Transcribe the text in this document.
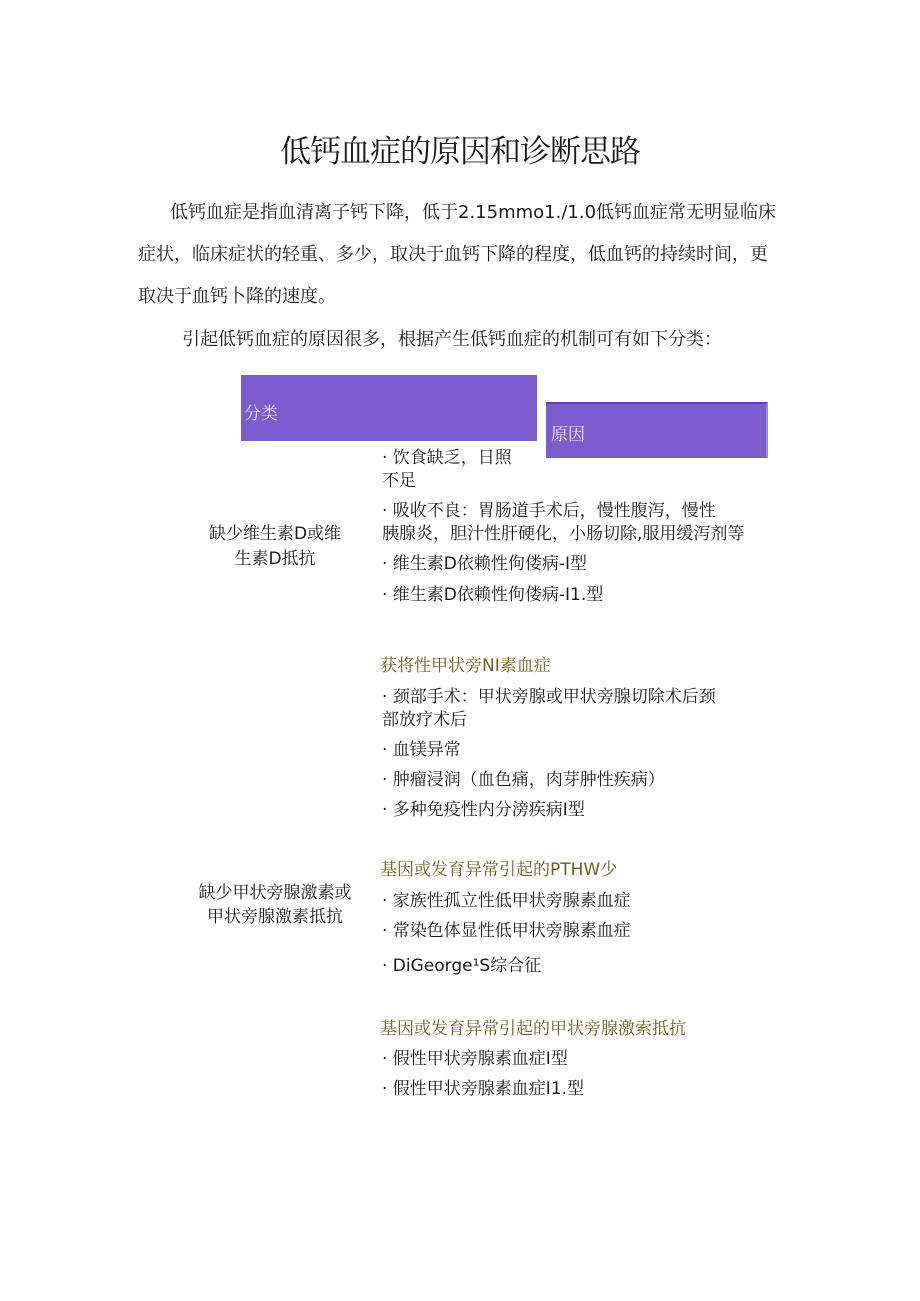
低钙血症的原因和诊断思路
低钙血症是指血清离子钙下降，低于2.15mmo1./1.0低钙血症常无明显临床
症状，临床症状的轻重、多少，取决于血钙下降的程度，低血钙的持续时间，更
取决于血钙卜降的速度。
引起低钙血症的原因很多，根据产生低钙血症的机制可有如下分类：
分类
原因
缺少维生素D或维
生素D抵抗
· 饮食缺乏，日照
不足
· 吸收不良：胃肠道手术后，慢性腹泻，慢性
胰腺炎，胆汁性肝硬化，小肠切除,服用缓泻剂等
· 维生素D依赖性佝偻病-I型
· 维生素D依赖性佝偻病-I1.型
缺少甲状旁腺激素或
甲状旁腺激素抵抗
获将性甲状旁NI素血症
· 颈部手术：甲状旁腺或甲状旁腺切除术后颈
部放疗术后
· 血镁异常
· 肿瘤浸润（血色痛，肉芽肿性疾病）
· 多种免疫性内分滂疾病I型
基因或发育异常引起的PTHW少
· 家族性孤立性低甲状旁腺素血症
· 常染色体显性低甲状旁腺素血症
· DiGeorge¹S综合征
基因或发育异常引起的甲状旁腺激索抵抗
· 假性甲状旁腺素血症I型
· 假性甲状旁腺素血症I1.型
